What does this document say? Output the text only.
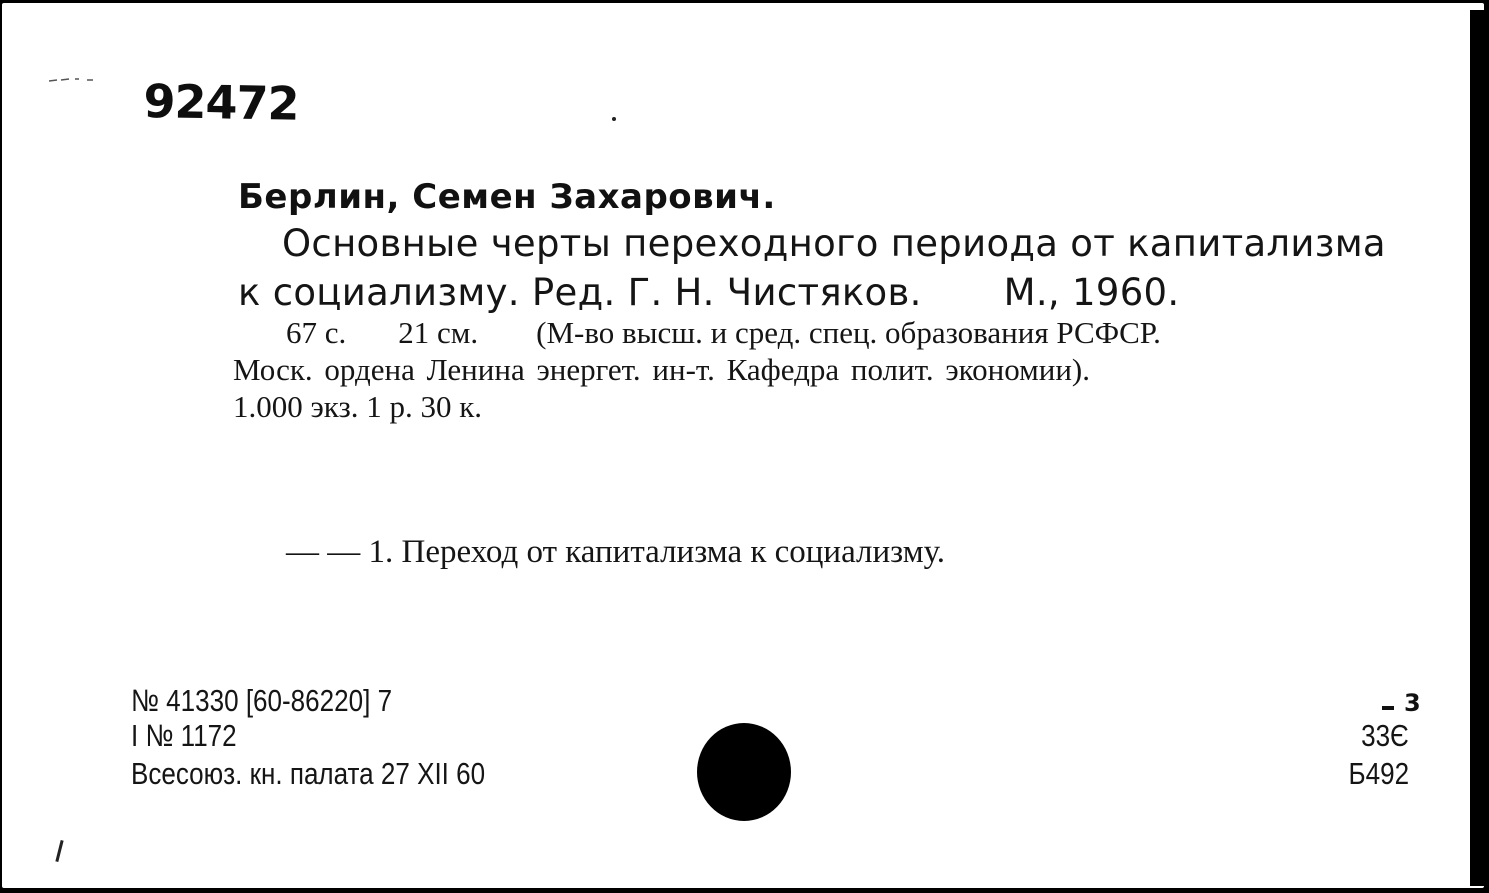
92472
Берлин, Семен Захарович.
Основные черты переходного периода от капитализма
к социализму. Ред. Г. Н. Чистяков. М., 1960.
67 с. 21 см. (М-во высш. и сред. спец. образования РСФСР.
Моск. ордена Ленина энергет. ин-т. Кафедра полит. экономии).
1.000 экз. 1 р. 30 к.
— — 1. Переход от капитализма к социализму.
№ 41330 [60-86220] 7
I № 1172
Всесоюз. кн. палата 27 XII 60
3
33Є
Б492
